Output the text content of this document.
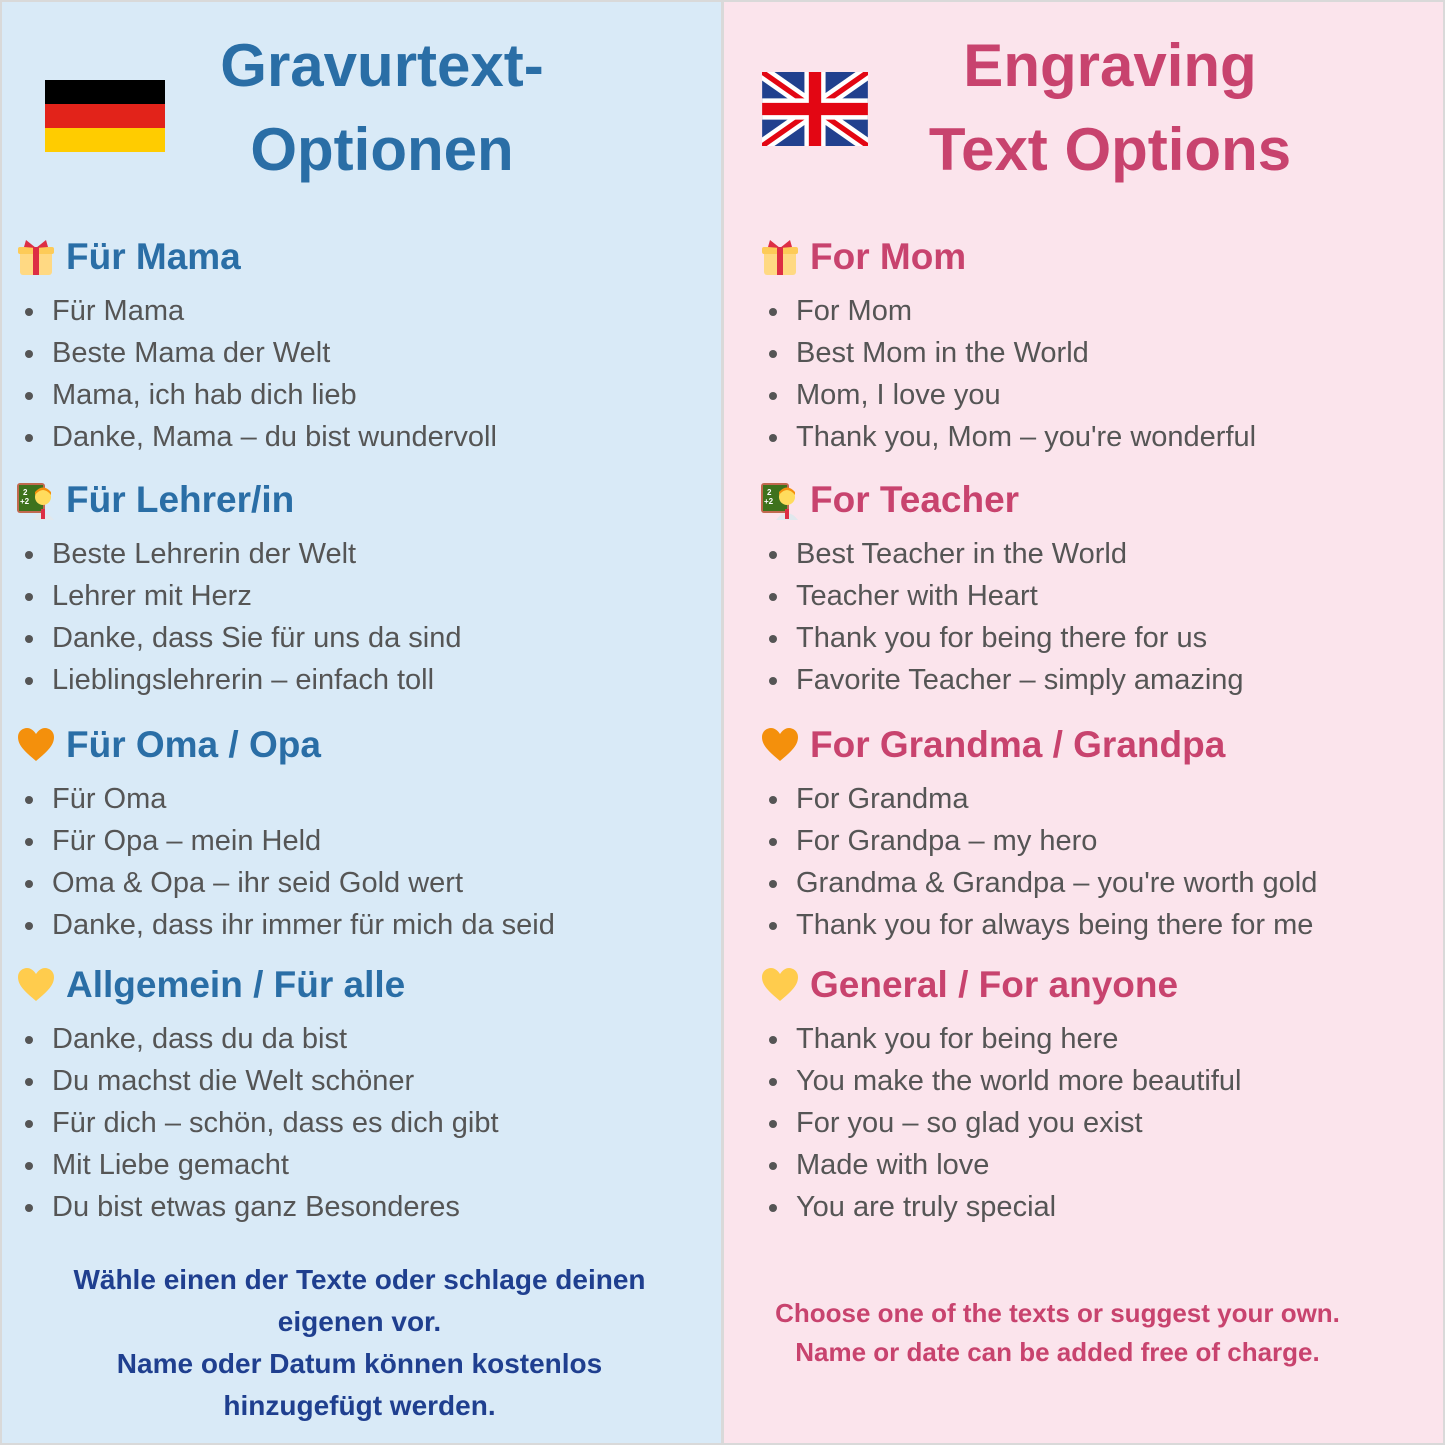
Gravurtext-
Optionen
Für Mama
Für Mama
Beste Mama der Welt
Mama, ich hab dich lieb
Danke, Mama – du bist wundervoll
2
+2 Für Lehrer/in
Beste Lehrerin der Welt
Lehrer mit Herz
Danke, dass Sie für uns da sind
Lieblingslehrerin – einfach toll
Für Oma / Opa
Für Oma
Für Opa – mein Held
Oma & Opa – ihr seid Gold wert
Danke, dass ihr immer für mich da seid
Allgemein / Für alle
Danke, dass du da bist
Du machst die Welt schöner
Für dich – schön, dass es dich gibt
Mit Liebe gemacht
Du bist etwas ganz Besonderes
Wähle einen der Texte oder schlage deinen
eigenen vor.
Name oder Datum können kostenlos
hinzugefügt werden.
Engraving
Text Options
For Mom
For Mom
Best Mom in the World
Mom, I love you
Thank you, Mom – you're wonderful
2
+2 For Teacher
Best Teacher in the World
Teacher with Heart
Thank you for being there for us
Favorite Teacher – simply amazing
For Grandma / Grandpa
For Grandma
For Grandpa – my hero
Grandma & Grandpa – you're worth gold
Thank you for always being there for me
General / For anyone
Thank you for being here
You make the world more beautiful
For you – so glad you exist
Made with love
You are truly special
Choose one of the texts or suggest your own.
Name or date can be added free of charge.
